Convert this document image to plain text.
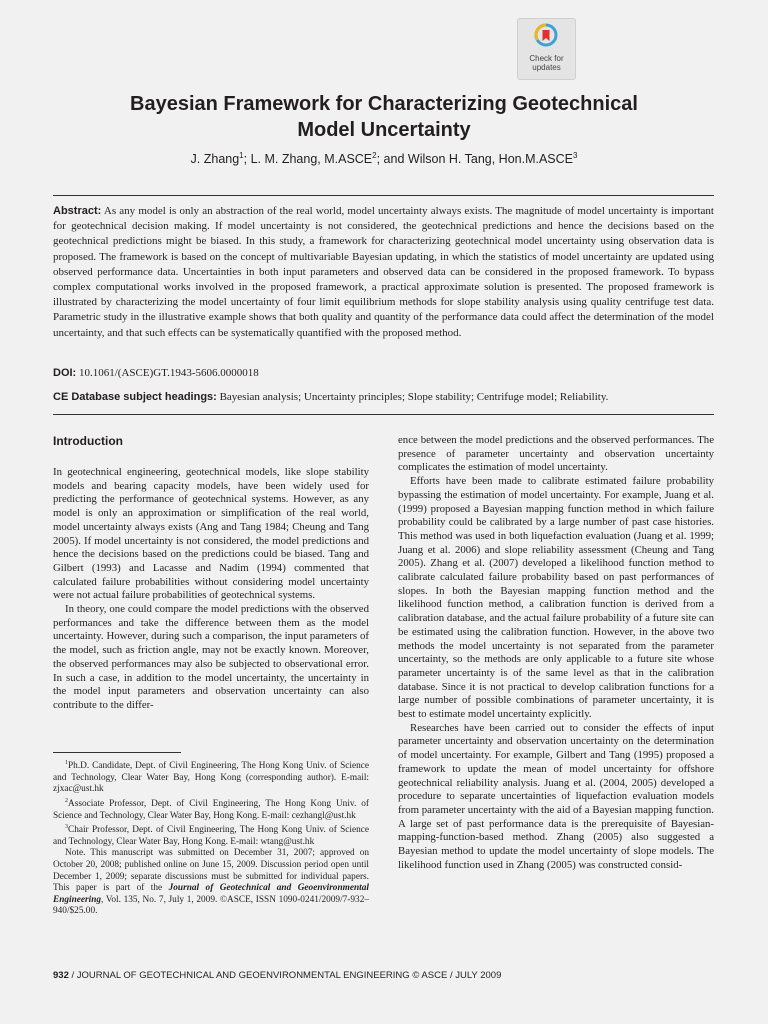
Check for
updates
Bayesian Framework for Characterizing Geotechnical
Model Uncertainty
J. Zhang$^1$; L. M. Zhang, M.ASCE$^2$; and Wilson H. Tang, Hon.M.ASCE$^3$
Abstract: As any model is only an abstraction of the real world, model uncertainty always exists. The magnitude of model uncertainty is important for geotechnical decision making. If model uncertainty is not considered, the geotechnical predictions and hence the decisions based on the geotechnical predictions might be biased. In this study, a framework for characterizing geotechnical model uncertainty using observation data is proposed. The framework is based on the concept of multivariable Bayesian updating, in which the statistics of model uncertainty are updated using observed performance data. Uncertainties in both input parameters and observed data can be considered in the proposed framework. To bypass complex computational works involved in the proposed framework, a practical approximate solution is presented. The proposed framework is illustrated by characterizing the model uncertainty of four limit equilibrium methods for slope stability analysis using quality centrifuge test data. Parametric study in the illustrative example shows that both quality and quantity of the performance data could affect the determination of the model uncertainty, and that such effects can be systematically quantified with the proposed method.
DOI: 10.1061/(ASCE)GT.1943-5606.0000018
CE Database subject headings: Bayesian analysis; Uncertainty principles; Slope stability; Centrifuge model; Reliability.
Introduction

In geotechnical engineering, geotechnical models, like slope stability models and bearing capacity models, have been widely used for predicting the performance of geotechnical systems. However, as any model is only an approximation or simplification of the real world, model uncertainty always exists (Ang and Tang 1984; Cheung and Tang 2005). If model uncertainty is not considered, the model predictions and hence the decisions based on the predictions could be biased. Tang and Gilbert (1993) and Lacasse and Nadim (1994) commented that calculated failure probabilities without considering model uncertainty were not actual failure probabilities of geotechnical systems.

In theory, one could compare the model predictions with the observed performances and take the difference between them as the model uncertainty. However, during such a comparison, the input parameters of the model, such as friction angle, may not be exactly known. Moreover, the observed performances may also be subjected to observational error. In such a case, in addition to the model uncertainty, the uncertainty in the model input parameters and observation uncertainty can also contribute to the differ-

$^1$Ph.D. Candidate, Dept. of Civil Engineering, The Hong Kong Univ. of Science and Technology, Clear Water Bay, Hong Kong (corresponding author). E-mail: zjxac@ust.hk

$^2$Associate Professor, Dept. of Civil Engineering, The Hong Kong Univ. of Science and Technology, Clear Water Bay, Hong Kong. E-mail: cezhangl@ust.hk

$^3$Chair Professor, Dept. of Civil Engineering, The Hong Kong Univ. of Science and Technology, Clear Water Bay, Hong Kong. E-mail: wtang@ust.hk

Note. This manuscript was submitted on December 31, 2007; approved on October 20, 2008; published online on June 15, 2009. Discussion period open until December 1, 2009; separate discussions must be submitted for individual papers. This paper is part of the Journal of Geotechnical and Geoenvironmental Engineering, Vol. 135, No. 7, July 1, 2009. ©ASCE, ISSN 1090-0241/2009/7-932–940/$25.00.

ence between the model predictions and the observed performances. The presence of parameter uncertainty and observation uncertainty complicates the estimation of model uncertainty.

Efforts have been made to calibrate estimated failure probability bypassing the estimation of model uncertainty. For example, Juang et al. (1999) proposed a Bayesian mapping function method in which failure probability could be calibrated by a large number of past case histories. This method was used in both liquefaction evaluation (Juang et al. 1999; Juang et al. 2006) and slope reliability assessment (Cheung and Tang 2005). Zhang et al. (2007) developed a likelihood function method to calibrate calculated failure probability based on past performances of slopes. In both the Bayesian mapping function method and the likelihood function method, a calibration function is derived from a calibration database, and the actual failure probability of a future site can be estimated using the calibration function. However, in the above two methods the model uncertainty is not separated from the parameter uncertainty, so the methods are only applicable to a future site whose parameter uncertainty is of the same level as that in the calibration database. Since it is not practical to develop calibration functions for a large number of possible combinations of parameter uncertainty, it is best to estimate model uncertainty explicitly.

Researches have been carried out to consider the effects of input parameter uncertainty and observation uncertainty on the determination of model uncertainty. For example, Gilbert and Tang (1995) proposed a framework to update the mean of model uncertainty for offshore geotechnical reliability analysis. Juang et al. (2004, 2005) developed a procedure to separate uncertainties of liquefaction evaluation models from parameter uncertainty with the aid of a Bayesian mapping function. A large set of past performance data is the prerequisite of Bayesian-mapping-function-based method. Zhang (2005) also suggested a Bayesian method to update the model uncertainty of slope models. The likelihood function used in Zhang (2005) was constructed consid-

932 / JOURNAL OF GEOTECHNICAL AND GEOENVIRONMENTAL ENGINEERING © ASCE / JULY 2009
